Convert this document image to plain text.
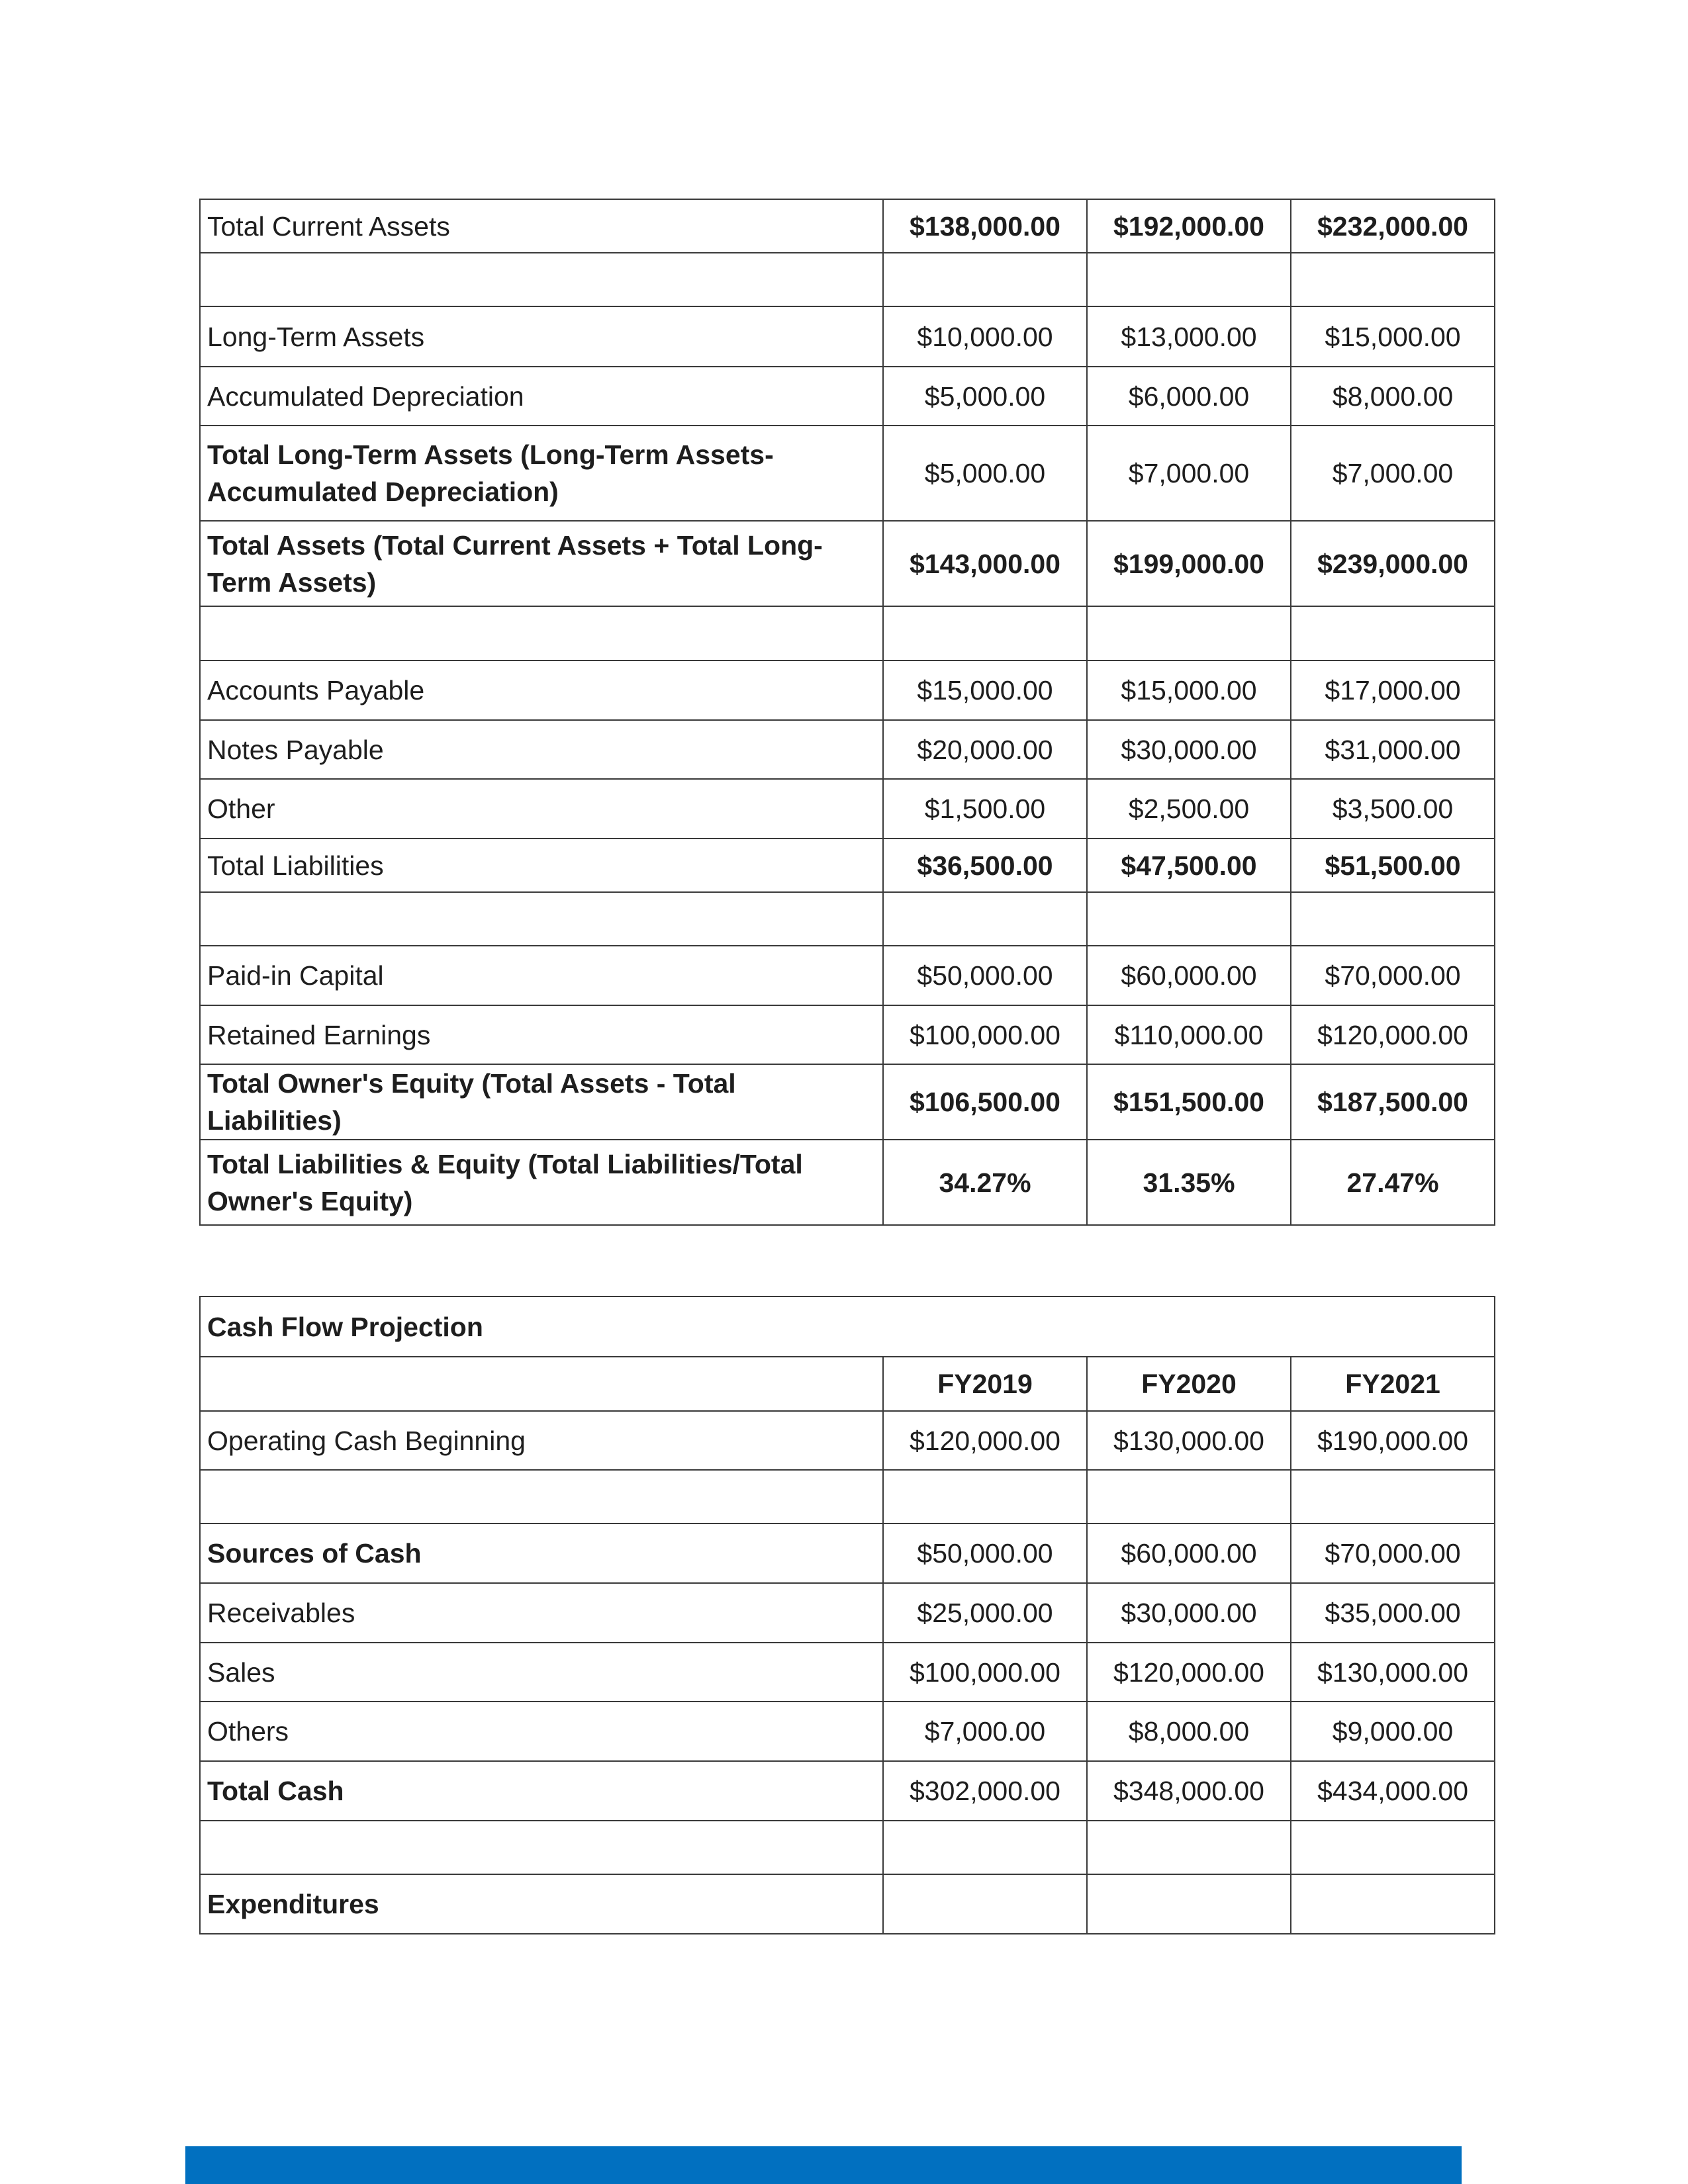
Total Current Assets	$138,000.00	$192,000.00	$232,000.00

Long-Term Assets	$10,000.00	$13,000.00	$15,000.00
Accumulated Depreciation	$5,000.00	$6,000.00	$8,000.00
Total Long-Term Assets (Long-Term Assets-Accumulated Depreciation)	$5,000.00	$7,000.00	$7,000.00
Total Assets (Total Current Assets + Total Long-Term Assets)	$143,000.00	$199,000.00	$239,000.00

Accounts Payable	$15,000.00	$15,000.00	$17,000.00
Notes Payable	$20,000.00	$30,000.00	$31,000.00
Other	$1,500.00	$2,500.00	$3,500.00
Total Liabilities	$36,500.00	$47,500.00	$51,500.00

Paid-in Capital	$50,000.00	$60,000.00	$70,000.00
Retained Earnings	$100,000.00	$110,000.00	$120,000.00
Total Owner's Equity (Total Assets - Total Liabilities)	$106,500.00	$151,500.00	$187,500.00
Total Liabilities & Equity (Total Liabilities/Total Owner's Equity)	34.27%	31.35%	27.47%
Cash Flow Projection			
	FY2019	FY2020	FY2021
Operating Cash Beginning	$120,000.00	$130,000.00	$190,000.00

Sources of Cash	$50,000.00	$60,000.00	$70,000.00
Receivables	$25,000.00	$30,000.00	$35,000.00
Sales	$100,000.00	$120,000.00	$130,000.00
Others	$7,000.00	$8,000.00	$9,000.00
Total Cash	$302,000.00	$348,000.00	$434,000.00

Expenditures			
